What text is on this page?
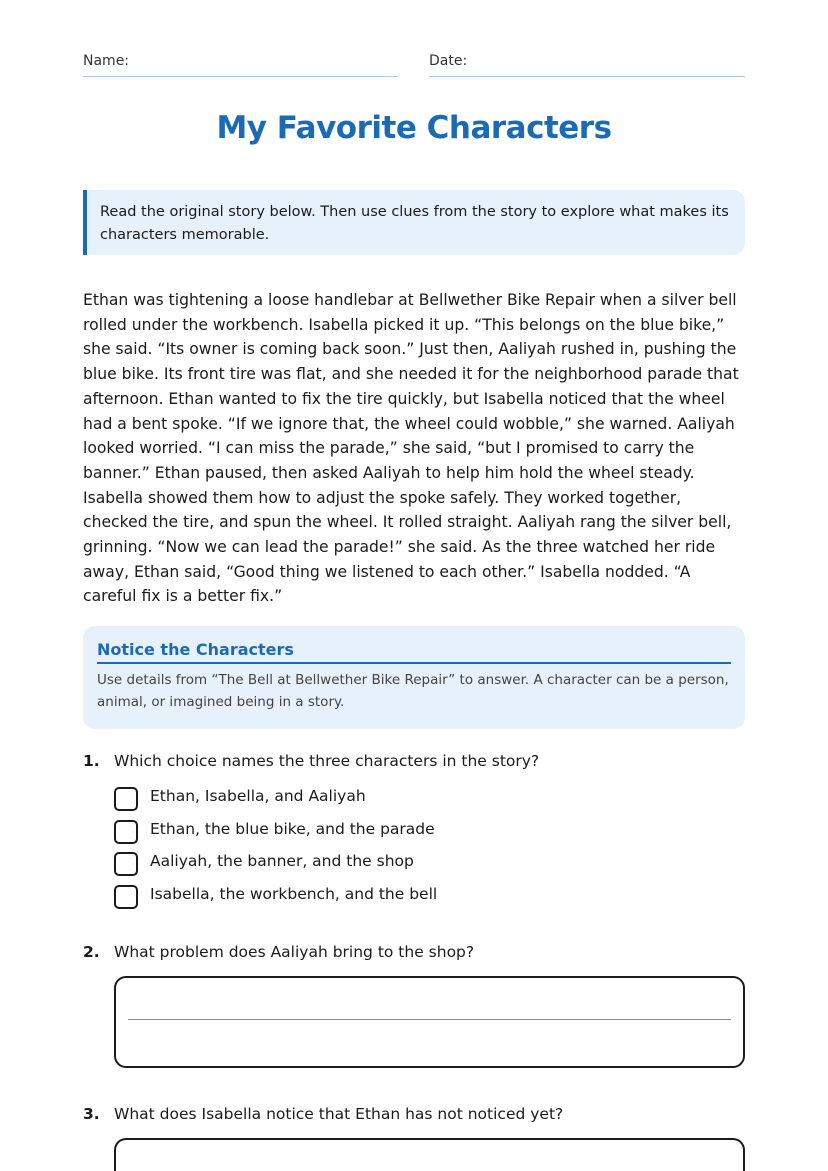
Name:	Date:
My Favorite Characters
Read the original story below. Then use clues from the story to explore what makes its characters memorable.
Ethan was tightening a loose handlebar at Bellwether Bike Repair when a silver bell rolled under the workbench. Isabella picked it up. “This belongs on the blue bike,” she said. “Its owner is coming back soon.” Just then, Aaliyah rushed in, pushing the blue bike. Its front tire was flat, and she needed it for the neighborhood parade that afternoon. Ethan wanted to fix the tire quickly, but Isabella noticed that the wheel had a bent spoke. “If we ignore that, the wheel could wobble,” she warned. Aaliyah looked worried. “I can miss the parade,” she said, “but I promised to carry the banner.” Ethan paused, then asked Aaliyah to help him hold the wheel steady. Isabella showed them how to adjust the spoke safely. They worked together, checked the tire, and spun the wheel. It rolled straight. Aaliyah rang the silver bell, grinning. “Now we can lead the parade!” she said. As the three watched her ride away, Ethan said, “Good thing we listened to each other.” Isabella nodded. “A careful fix is a better fix.”
Notice the Characters
Use details from “The Bell at Bellwether Bike Repair” to answer. A character can be a person, animal, or imagined being in a story.
1. Which choice names the three characters in the story?
Ethan, Isabella, and Aaliyah
Ethan, the blue bike, and the parade
Aaliyah, the banner, and the shop
Isabella, the workbench, and the bell
2. What problem does Aaliyah bring to the shop?
3. What does Isabella notice that Ethan has not noticed yet?
